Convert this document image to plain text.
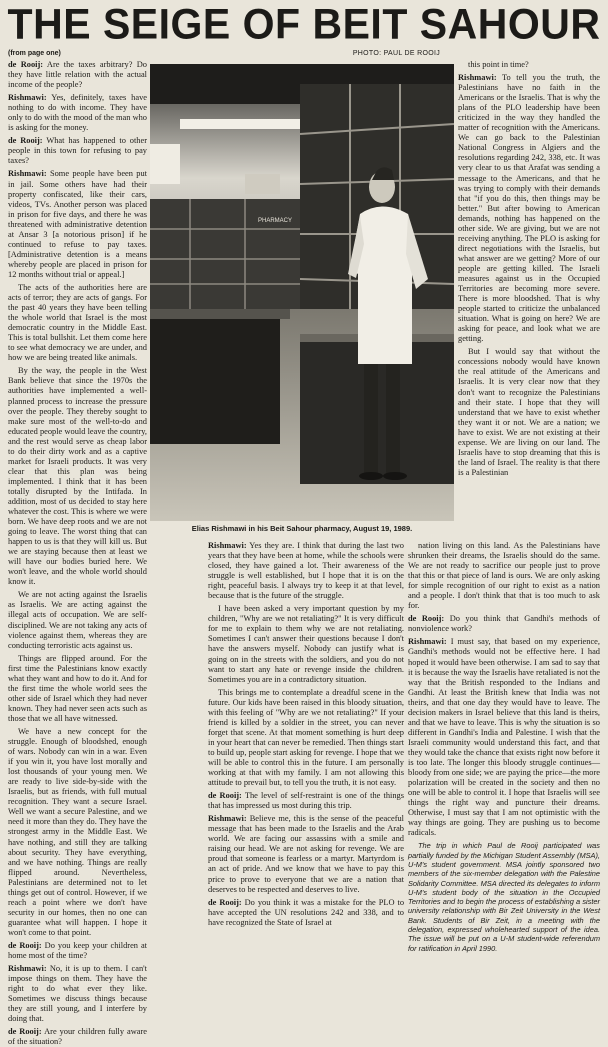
THE SEIGE OF BEIT SAHOUR
(from page one)	PHOTO: PAUL DE ROOIJ

de Rooij: Are the taxes arbitrary? Do they have little relation with the actual income of the people?

Rishmawi: Yes, definitely, taxes have nothing to do with income. They have only to do with the mood of the man who is asking for the money.

de Rooij: What has happened to other people in this town for refusing to pay taxes?

Rishmawi: Some people have been put in jail. Some others have had their property confiscated, like their cars, videos, TVs. Another person was placed in prison for five days, and there he was threatened with administrative detention at Ansar 3 [a notorious prison] if he continued to refuse to pay taxes. [Administrative detention is a means whereby people are placed in prison for 12 months without trial or appeal.]

The acts of the authorities here are acts of terror; they are acts of gangs. For the past 40 years they have been telling the whole world that Israel is the most democratic country in the Middle East. This is total bullshit. Let them come here to see what democracy we are under, and how we are being treated like animals.

By the way, the people in the West Bank believe that since the 1970s the authorities have implemented a well-planned process to increase the pressure over the people. They thereby sought to make sure most of the well-to-do and educated people would leave the country, and the rest would serve as cheap labor to do their dirty work and as a captive market for Israeli products. It was very clear that this plan was being implemented. I think that it has been totally disrupted by the Intifada. In addition, most of us decided to stay here whatever the cost. This is where we were born. We have deep roots and we are not going to leave. The worst thing that can happen to us is that they will kill us. But we are staying because then at least we will have our bodies buried here. We won't leave, and the whole world should know it.

We are not acting against the Israelis as Israelis. We are acting against the illegal acts of occupation. We are self-disciplined. We are not taking any acts of violence against them, whereas they are conducting terroristic acts against us.

Things are flipped around. For the first time the Palestinians know exactly what they want and how to do it. And for the first time the whole world sees the other side of Israel which they had never known. They had never seen acts such as those that we all have witnessed.

We have a new concept for the struggle. Enough of bloodshed, enough of wars. Nobody can win in a war. Even if you win it, you have lost morally and lost thousands of your young men. We are ready to live side-by-side with the Israelis, but as friends, with full mutual recognition. They want a secure Israel. Well we want a secure Palestine, and we need it more than they do. They have the strongest army in the Middle East. We have nothing, and still they are talking about security. They have everything, and we have nothing. Things are really flipped around. Nevertheless, Palestinians are determined not to let things get out of control. However, if we reach a point where we don't have security in our homes, then no one can guarantee what will happen. I hope it won't come to that point.

de Rooij: Do you keep your children at home most of the time?

Rishmawi: No, it is up to them. I can't impose things on them. They have the right to do what ever they like. Sometimes we discuss things because they are still young, and I interfere by doing that.

de Rooij: Are your children fully aware of the situation?

PHARMACY
Elias Rishmawi in his Beit Sahour pharmacy, August 19, 1989.

this point in time?

Rishmawi: To tell you the truth, the Palestinians have no faith in the Americans or the Israelis. That is why the plans of the PLO leadership have been criticized in the way they handled the matter of recognition with the Americans. We can go back to the Palestinian National Congress in Algiers and the resolutions regarding 242, 338, etc. It was very clear to us that Arafat was sending a message to the Americans, and that he was trying to comply with their demands that "if you do this, then things may be better." But after bowing to American demands, nothing has happened on the other side. We are giving, but we are not receiving anything. The PLO is asking for direct negotiations with the Israelis, but what answer are we getting? More of our people are getting killed. The Israeli measures against us in the Occupied Territories are becoming more severe. There is more bloodshed. That is why people started to criticize the unbalanced situation. What is going on here? We are asking for peace, and look what we are getting.

But I would say that without the concessions nobody would have known the real attitude of the Americans and Israelis. It is very clear now that they don't want to recognize the Palestinians and their state. I hope that they will understand that we have to exist whether they want it or not. We are a nation; we have to exist. We are not existing at their expense. We are living on our land. The Israelis have to stop dreaming that this is the land of Israel. The reality is that there is a Palestinian

Rishmawi: Yes they are. I think that during the last two years that they have been at home, while the schools were closed, they have gained a lot. Their awareness of the struggle is well established, but I hope that it is on the right, peaceful basis. I always try to keep it at that level, because that is the future of the struggle.

I have been asked a very important question by my children, "Why are we not retaliating?" It is very difficult for me to explain to them why we are not retaliating. Sometimes I can't answer their questions because I don't have the answers myself. Nobody can justify what is going on in the streets with the soldiers, and you do not want to start any hate or revenge inside the children. Sometimes you are in a contradictory situation.

This brings me to contemplate a dreadful scene in the future. Our kids have been raised in this bloody situation, with this feeling of "Why are we not retaliating?" If your friend is killed by a soldier in the street, you can never forget that scene. At that moment something is hurt deep in your heart that can never be remedied. Then things start to build up, people start asking for revenge. I hope that we will be able to control this in the future. I am personally working at that with my family. I am not allowing this attitude to prevail but, to tell you the truth, it is not easy.

de Rooij: The level of self-restraint is one of the things that has impressed us most during this trip.

Rishmawi: Believe me, this is the sense of the peaceful message that has been made to the Israelis and the Arab world. We are facing our assassins with a smile and raising our head. We are not asking for revenge. We are proud that someone is fearless or a martyr. Martyrdom is an act of pride. And we know that we have to pay this price to prove to everyone that we are a nation that deserves to be respected and deserves to live.

de Rooij: Do you think it was a mistake for the PLO to have accepted the UN resolutions 242 and 338, and to have recognized the State of Israel at

nation living on this land. As the Palestinians have shrunken their dreams, the Israelis should do the same. We are not ready to sacrifice our people just to prove that this or that piece of land is ours. We are only asking for simple recognition of our right to exist as a nation and a people. I don't think that that is too much to ask for.

de Rooij: Do you think that Gandhi's methods of nonviolence work?

Rishmawi: I must say, that based on my experience, Gandhi's methods would not be effective here. I had hoped it would have been otherwise. I am sad to say that it is because the way the Israelis have retaliated is not the way that the British responded to the Indians and Gandhi. At least the British knew that India was not theirs, and that one day they would have to leave. The decision makers in Israel believe that this land is theirs, and that we have to leave. This is why the situation is so different in Gandhi's India and Palestine. I wish that the Israeli community would understand this fact, and that they would take the chance that exists right now before it is too late. The longer this bloody struggle continues—bloody from one side; we are paying the price—the more polarization will be created in the society and then no one will be able to control it. I hope that Israelis will see things the right way and puncture their dreams. Otherwise, I must say that I am not optimistic with the way things are going. They are pushing us to become radicals.

The trip in which Paul de Rooij participated was partially funded by the Michigan Student Assembly (MSA), U-M's student government. MSA jointly sponsored two members of the six-member delegation with the Palestine Solidarity Committee. MSA directed its delegates to inform U-M's student body of the situation in the Occupied Territories and to begin the process of establishing a sister university relationship with Bir Zeit University in the West Bank. Students of Bir Zeit, in a meeting with the delegation, expressed wholehearted support of the idea. The issue will be put on a U-M student-wide referendum for ratification in April 1990.
